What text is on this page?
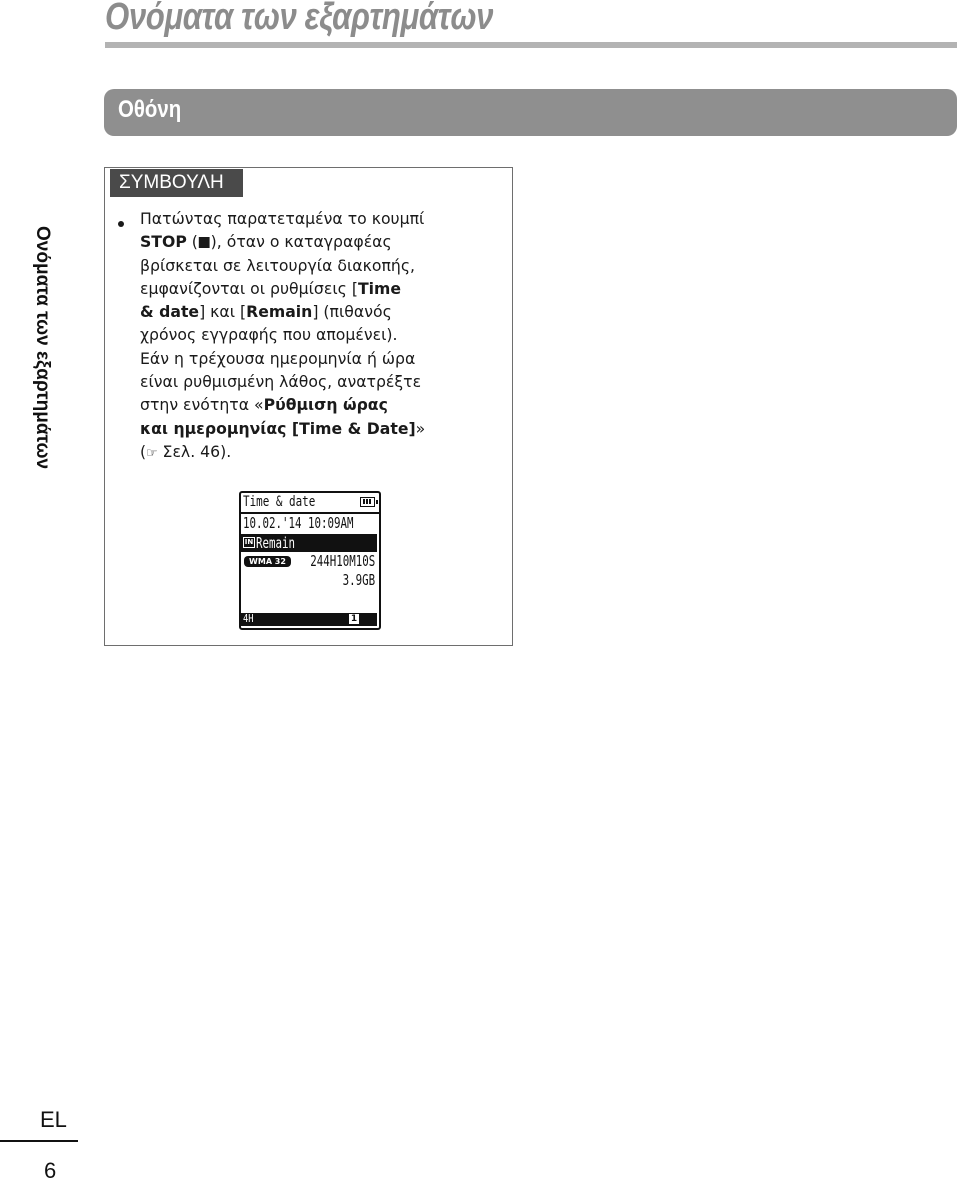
Ονόματα των εξαρτημάτων
Οθόνη
Ονόματα των εξαρτημάτων
ΣΥΜΒΟΥΛΗ
Πατώντας παρατεταμένα το κουμπί
STOP ( ), όταν ο καταγραφέας
βρίσκεται σε λειτουργία διακοπής,
εμφανίζονται οι ρυθμίσεις [Time
& date] και [Remain] (πιθανός
χρόνος εγγραφής που απομένει).
Εάν η τρέχουσα ημερομηνία ή ώρα
είναι ρυθμισμένη λάθος, ανατρέξτε
στην ενότητα «Ρύθμιση ώρας
και ημερομηνίας [Time & Date]»
(☞ Σελ. 46).
Time & date
10.02.'14 10:09AM
IN Remain
WMA 32	244H10M10S
3.9GB
4H	1
EL
6
